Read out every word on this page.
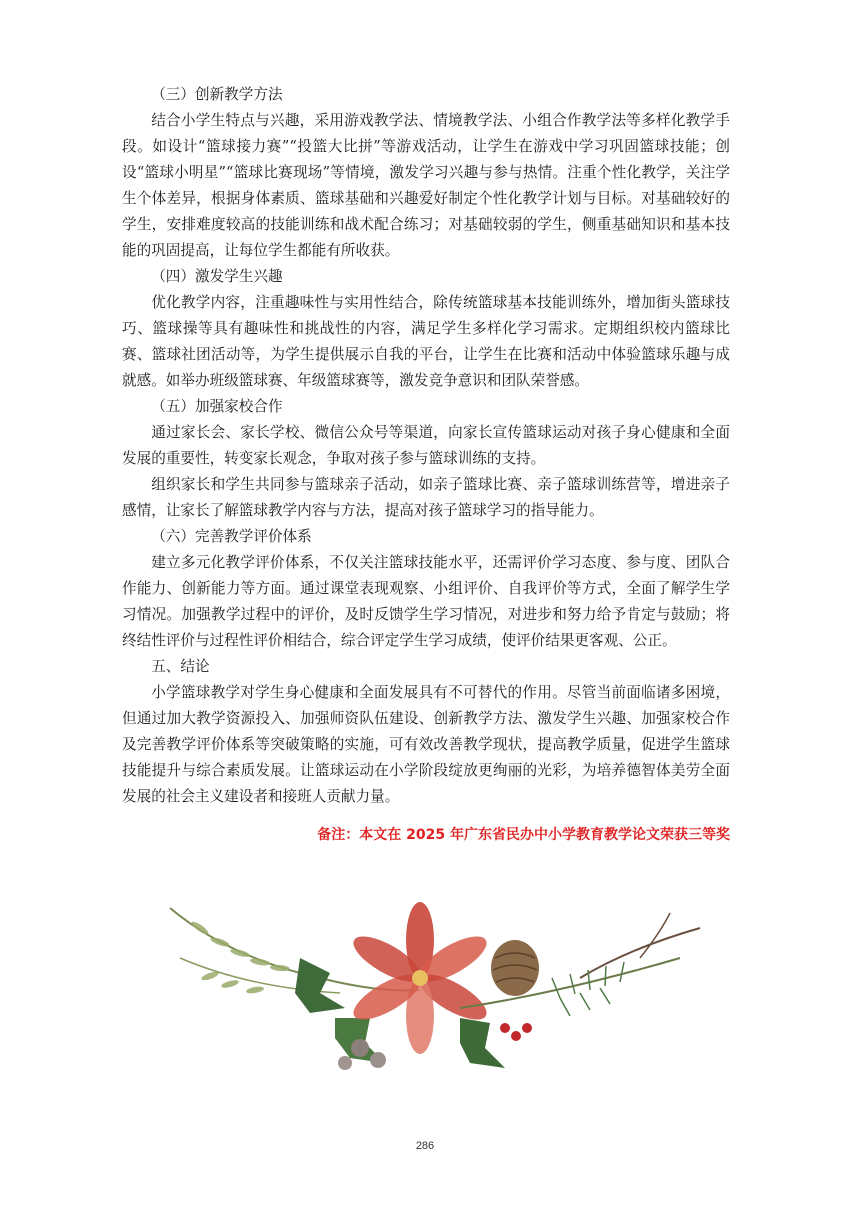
（三）创新教学方法

结合小学生特点与兴趣，采用游戏教学法、情境教学法、小组合作教学法等多样化教学手段。如设计“篮球接力赛”“投篮大比拼”等游戏活动，让学生在游戏中学习巩固篮球技能；创设“篮球小明星”“篮球比赛现场”等情境，激发学习兴趣与参与热情。注重个性化教学，关注学生个体差异，根据身体素质、篮球基础和兴趣爱好制定个性化教学计划与目标。对基础较好的学生，安排难度较高的技能训练和战术配合练习；对基础较弱的学生，侧重基础知识和基本技能的巩固提高，让每位学生都能有所收获。

（四）激发学生兴趣

优化教学内容，注重趣味性与实用性结合，除传统篮球基本技能训练外，增加街头篮球技巧、篮球操等具有趣味性和挑战性的内容，满足学生多样化学习需求。定期组织校内篮球比赛、篮球社团活动等，为学生提供展示自我的平台，让学生在比赛和活动中体验篮球乐趣与成就感。如举办班级篮球赛、年级篮球赛等，激发竞争意识和团队荣誉感。

（五）加强家校合作

通过家长会、家长学校、微信公众号等渠道，向家长宣传篮球运动对孩子身心健康和全面发展的重要性，转变家长观念，争取对孩子参与篮球训练的支持。

组织家长和学生共同参与篮球亲子活动，如亲子篮球比赛、亲子篮球训练营等，增进亲子感情，让家长了解篮球教学内容与方法，提高对孩子篮球学习的指导能力。

（六）完善教学评价体系

建立多元化教学评价体系，不仅关注篮球技能水平，还需评价学习态度、参与度、团队合作能力、创新能力等方面。通过课堂表现观察、小组评价、自我评价等方式，全面了解学生学习情况。加强教学过程中的评价，及时反馈学生学习情况，对进步和努力给予肯定与鼓励；将终结性评价与过程性评价相结合，综合评定学生学习成绩，使评价结果更客观、公正。

五、结论

小学篮球教学对学生身心健康和全面发展具有不可替代的作用。尽管当前面临诸多困境，但通过加大教学资源投入、加强师资队伍建设、创新教学方法、激发学生兴趣、加强家校合作及完善教学评价体系等突破策略的实施，可有效改善教学现状，提高教学质量，促进学生篮球技能提升与综合素质发展。让篮球运动在小学阶段绽放更绚丽的光彩，为培养德智体美劳全面发展的社会主义建设者和接班人贡献力量。

备注：本文在 2025 年广东省民办中小学教育教学论文荣获三等奖
286
